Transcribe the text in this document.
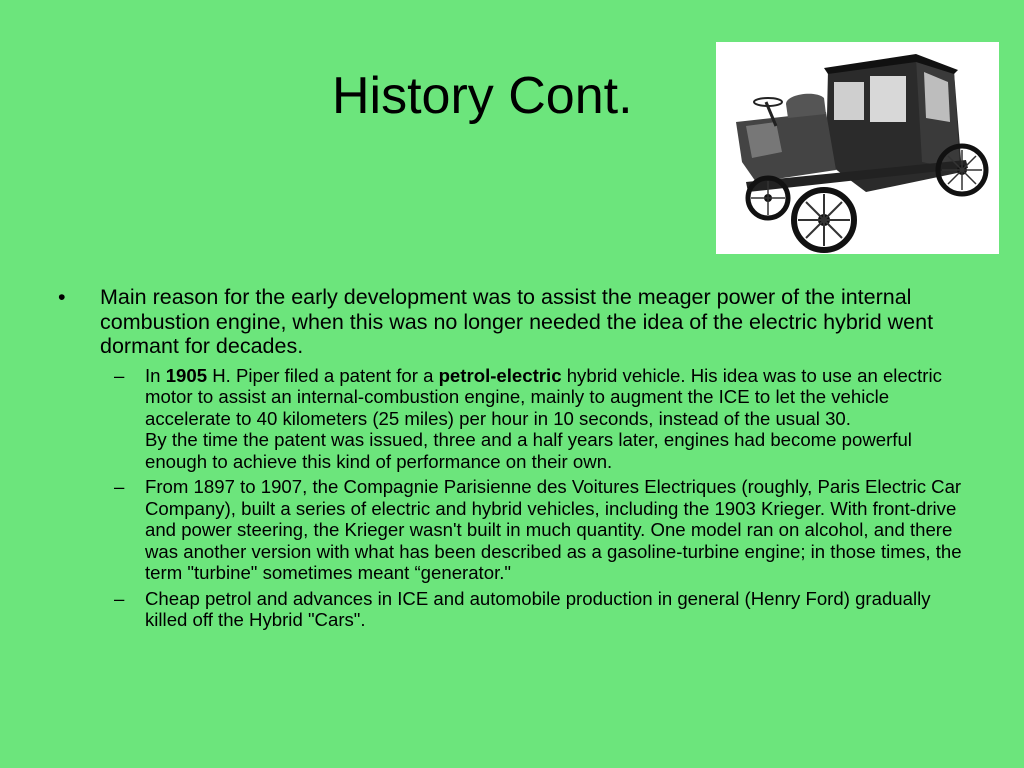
History Cont.
• Main reason for the early development was to assist the meager power of the internal combustion engine, when this was no longer needed the idea of the electric hybrid went dormant for decades.
– In 1905 H. Piper filed a patent for a petrol-electric hybrid vehicle. His idea was to use an electric motor to assist an internal-combustion engine, mainly to augment the ICE to let the vehicle accelerate to 40 kilometers (25 miles) per hour in 10 seconds, instead of the usual 30.
By the time the patent was issued, three and a half years later, engines had become powerful enough to achieve this kind of performance on their own.
– From 1897 to 1907, the Compagnie Parisienne des Voitures Electriques (roughly, Paris Electric Car Company), built a series of electric and hybrid vehicles, including the 1903 Krieger. With front-drive and power steering, the Krieger wasn't built in much quantity. One model ran on alcohol, and there was another version with what has been described as a gasoline-turbine engine; in those times, the term "turbine" sometimes meant “generator."
– Cheap petrol and advances in ICE and automobile production in general (Henry Ford) gradually killed off the Hybrid "Cars".
